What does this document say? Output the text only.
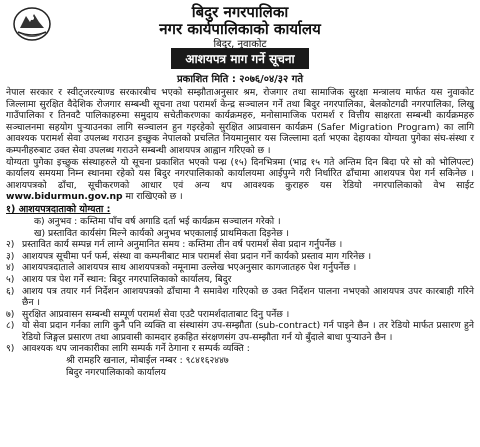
बिदुर नगरपालिका
नगर कार्यपालिकाको कार्यालय
बिदुर, नुवाकोट
आशयपत्र माग गर्ने सूचना
प्रकाशित मिति : २०७६/०४/३२ गते

नेपाल सरकार र स्वीट्जरल्याण्ड सरकारबीच भएको सम्झौताअनुसार श्रम, रोजगार तथा सामाजिक सुरक्षा मन्त्रालय मार्फत यस नुवाकोट जिल्लामा सुरक्षित वैदेशिक रोजगार सम्बन्धी सूचना तथा परामर्श केन्द्र सञ्चालन गर्ने तथा बिदुर नगरपालिका, बेलकोटगढी नगरपालिका, लिखु गाउँपालिका र तिनवटै पालिकाहरुमा समुदाय सचेतीकरणका कार्यक्रमहरु, मनोसामाजिक परामर्श र वित्तीय साक्षरता सम्बन्धी कार्यक्रमहरु सञ्चालनमा सहयोग पुऱ्याउनका लागि सञ्चालन हुन गइरहेको सुरक्षित आप्रवासन कार्यक्रम (Safer Migration Program) का लागि आवश्यक परामर्श सेवा उपलब्ध गराउन इच्छुक नेपालको प्रचलित नियमानुसार यस जिल्लामा दर्ता भएका देहायका योग्यता पुगेका संघ-संस्था र कम्पनीहरुबाट उक्त सेवा उपलब्ध गराउने सम्बन्धी आशयपत्र आह्वान गरिएको छ ।

योग्यता पुगेका इच्छुक संस्थाहरुले यो सूचना प्रकाशित भएको पन्ध्र (१५) दिनभित्रमा (भाद्र १५ गते अन्तिम दिन बिदा परे सो को भोलिपल्ट) कार्यालय समयमा निम्न स्थानमा रहेको यस बिदुर नगरपालिकाको कार्यालयमा आईपुग्ने गरी निर्धारित ढाँचामा आशयपत्र पेश गर्न सकिनेछ । आशयपत्रको ढाँचा, सूचीकरणको आधार एवं अन्य थप आवश्यक कुराहरु यस रेडियो नगरपालिकाको वेभ साईट www.bidurmun.gov.np मा राखिएको छ ।

१) आशयपत्रदाताको योग्यता :
क) अनुभव : कम्तिमा पाँच वर्ष अगाडि दर्ता भई कार्यक्रम सञ्चालन गरेको ।
ख) प्रस्तावित कार्यसंग मिल्ने कार्यको अनुभव भएकालाई प्राथमिकता दिइनेछ ।
२) प्रस्तावित कार्य सम्पन्न गर्न लाग्ने अनुमानित समय : कम्तिमा तीन वर्ष परामर्श सेवा प्रदान गर्नुपर्नेछ ।
३) आशयपत्र सूचीमा पर्न फर्म, संस्था वा कम्पनीबाट मात्र परामर्श सेवा प्रदान गर्ने कार्यको प्रस्ताव माग गरिनेछ ।
४) आशयपत्रदाताले आशयपत्र साथ आशयपत्रको नमूनामा उल्लेख भएअनुसार कागजातहरु पेश गर्नुपर्नेछ ।
५) आशय पत्र पेश गर्ने स्थान: बिदुर नगरपालिकाको कार्यालय, बिदुर
६) आशय पत्र तयार गर्न निर्देशन आशयपत्रको ढाँचामा नै समावेश गरिएको छ उक्त निर्देशन पालना नभएको आशयपत्र उपर कारबाही गरिने छैन ।
७) सुरक्षित आप्रवासन सम्बन्धी सम्पूर्ण परामर्श सेवा एउटै परामर्शदाताबाट दिनु पर्नेछ ।
८) यो सेवा प्रदान गर्नका लागि कुनै पनि व्यक्ति वा संस्थासंग उप-सम्झौता (sub-contract) गर्न पाइने छैन । तर रेडियो मार्फत प्रसारण हुने रेडियो जिङ्गल प्रसारण तथा आप्रवासी कामदार हकहित संरक्षणसंग उप-सम्झौता गर्न यो बुँदाले बाधा पुऱ्याउने छैन ।
९) आवश्यक थप जानकारीका लागि सम्पर्क गर्ने ठेगाना र सम्पर्क व्यक्ति :
श्री रामहरि खनाल, मोबाईल नम्बर : ९८४१६२४४७
बिदुर नगरपालिकाको कार्यालय
